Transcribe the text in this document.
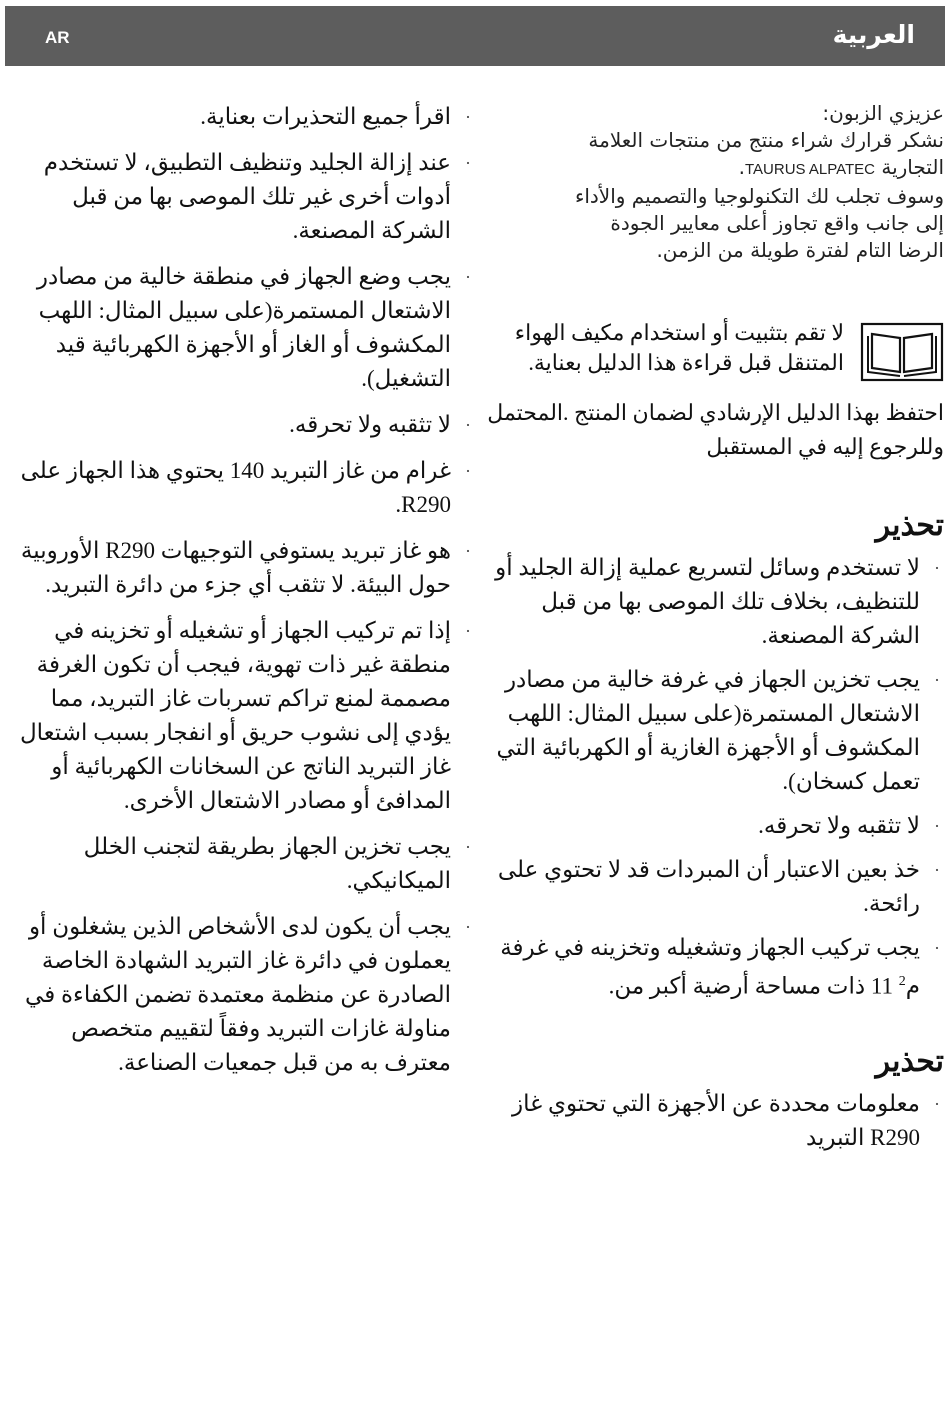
AR	العربية

عزيزي الزبون:

نشكر قرارك شراء منتج من منتجات العلامة

التجارية TAURUS ALPATEC.

وسوف تجلب لك التكنولوجيا والتصميم والأداء

إلى جانب واقع تجاوز أعلى معايير الجودة

الرضا التام لفترة طويلة من الزمن.

لا تقم بتثبيت أو استخدام مكيف الهواء
المتنقل قبل قراءة هذا الدليل بعناية.
احتفظ بهذا الدليل الإرشادي لضمان المنتج .المحتمل
وللرجوع إليه في المستقبل
تحذير
·
لا تستخدم وسائل لتسريع عملية إزالة الجليد أو للتنظيف، بخلاف تلك الموصى بها من قبل الشركة المصنعة.
·
يجب تخزين الجهاز في غرفة خالية من مصادر الاشتعال المستمرة(على سبيل المثال: اللهب المكشوف أو الأجهزة الغازية أو الكهربائية التي تعمل كسخان).
·
لا تثقبه ولا تحرقه.
·
خذ بعين الاعتبار أن المبردات قد لا تحتوي على رائحة.
·
يجب تركيب الجهاز وتشغيله وتخزينه في غرفة
م$^2$ 11 ذات مساحة أرضية أكبر من.
تحذير
·
معلومات محددة عن الأجهزة التي تحتوي غاز R290 التبريد
·
اقرأ جميع التحذيرات بعناية.
·
عند إزالة الجليد وتنظيف التطبيق، لا تستخدم أدوات أخرى غير تلك الموصى بها من قبل الشركة المصنعة.
·
يجب وضع الجهاز في منطقة خالية من مصادر الاشتعال المستمرة(على سبيل المثال: اللهب المكشوف أو الغاز أو الأجهزة الكهربائية قيد التشغيل).
·
لا تثقبه ولا تحرقه.
·
غرام من غاز التبريد 140 يحتوي هذا الجهاز على R290.
·
هو غاز تبريد يستوفي التوجيهات R290 الأوروبية حول البيئة. لا تثقب أي جزء من دائرة التبريد.
·
إذا تم تركيب الجهاز أو تشغيله أو تخزينه في منطقة غير ذات تهوية، فيجب أن تكون الغرفة مصممة لمنع تراكم تسربات غاز التبريد، مما يؤدي إلى نشوب حريق أو انفجار بسبب اشتعال غاز التبريد الناتج عن السخانات الكهربائية أو المدافئ أو مصادر الاشتعال الأخرى.
·
يجب تخزين الجهاز بطريقة لتجنب الخلل الميكانيكي.
·
يجب أن يكون لدى الأشخاص الذين يشغلون أو يعملون في دائرة غاز التبريد الشهادة الخاصة الصادرة عن منظمة معتمدة تضمن الكفاءة في مناولة غازات التبريد وفقاً لتقييم متخصص معترف به من قبل جمعيات الصناعة.
